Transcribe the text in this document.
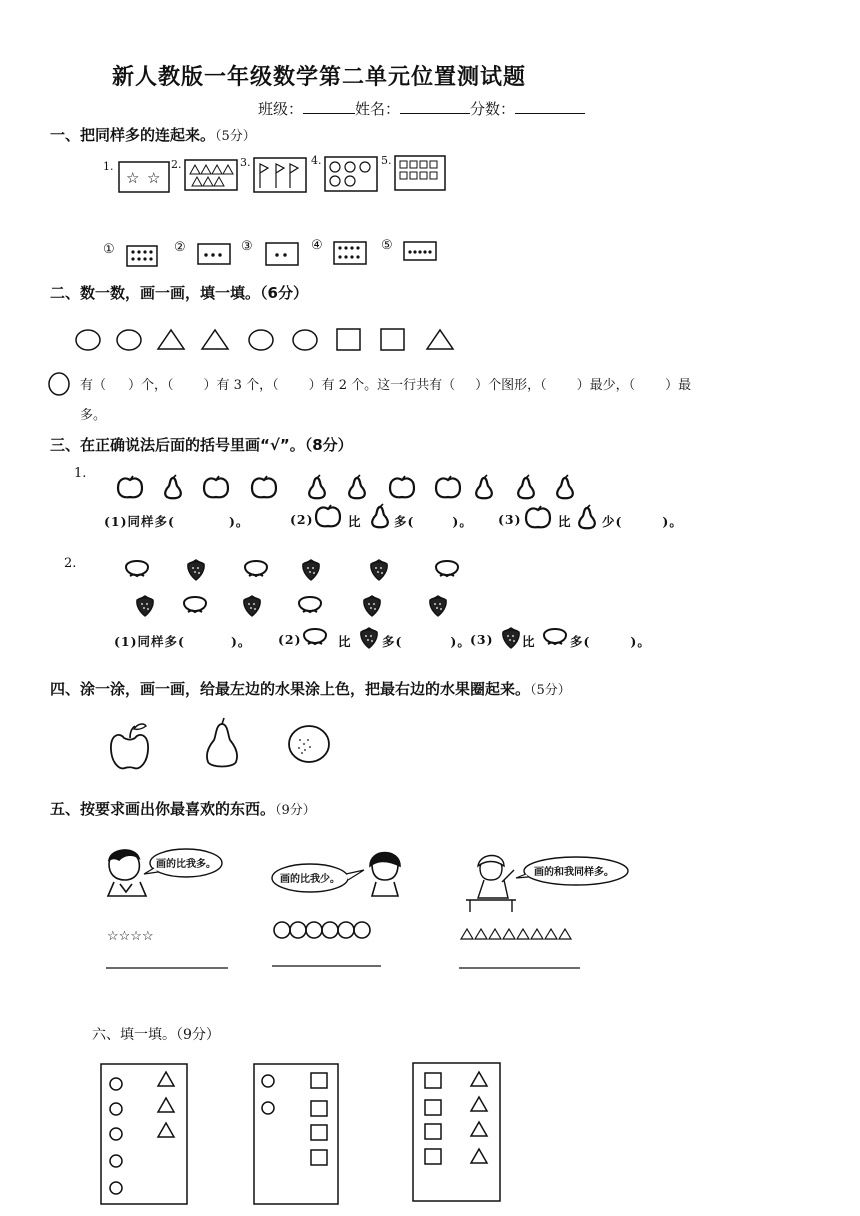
新人教版一年级数学第二单元位置测试题
班级：	姓名：	分数：
一、把同样多的连起来。（5分）
1.	2.	3.	4.	5.
☆ ☆
①	②	③	④	⑤
二、数一数，画一画，填一填。（6分）
有（ ）个，（ ）有 3 个，（ ）有 2 个。这一行共有（ ）个图形，（ ）最少，（ ）最
多。
三、在正确说法后面的括号里画“√”。（8分）
1.
(1)同样多(	)。	(2)	比	多(	)。 (3)	比 少(	)。
2.
(1)同样多(	)。 (2)	比 多(	)。 (3) 比	多(	)。
四、涂一涂，画一画，给最左边的水果涂上色，把最右边的水果圈起来。（5分）
五、按要求画出你最喜欢的东西。（9分）
☆☆☆☆
画的比我多。
画的比我少。
画的和我同样多。
六、填一填。（9分）
